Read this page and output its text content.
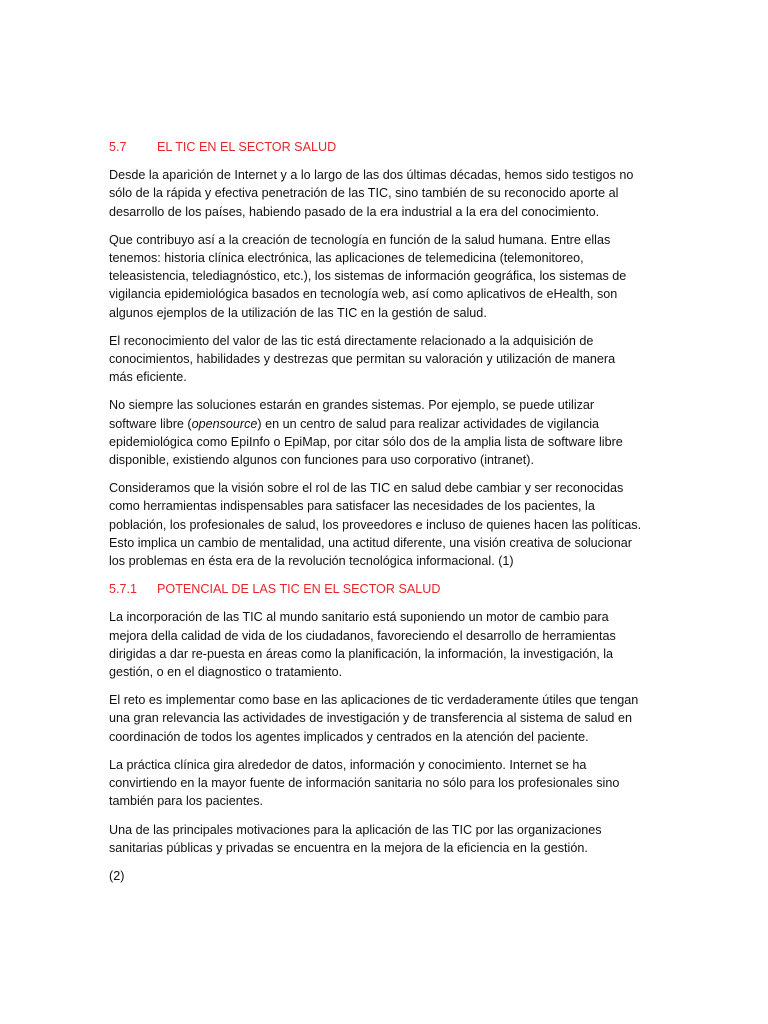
5.7 EL TIC EN EL SECTOR SALUD
Desde la aparición de Internet y a lo largo de las dos últimas décadas, hemos sido testigos no
sólo de la rápida y efectiva penetración de las TIC, sino también de su reconocido aporte al
desarrollo de los países, habiendo pasado de la era industrial a la era del conocimiento.
Que contribuyo así a la creación de tecnología en función de la salud humana. Entre ellas
tenemos: historia clínica electrónica, las aplicaciones de telemedicina (telemonitoreo,
teleasistencia, telediagnóstico, etc.), los sistemas de información geográfica, los sistemas de
vigilancia epidemiológica basados en tecnología web, así como aplicativos de eHealth, son
algunos ejemplos de la utilización de las TIC en la gestión de salud.
El reconocimiento del valor de las tic está directamente relacionado a la adquisición de
conocimientos, habilidades y destrezas que permitan su valoración y utilización de manera
más eficiente.
No siempre las soluciones estarán en grandes sistemas. Por ejemplo, se puede utilizar
software libre (opensource) en un centro de salud para realizar actividades de vigilancia
epidemiológica como EpiInfo o EpiMap, por citar sólo dos de la amplia lista de software libre
disponible, existiendo algunos con funciones para uso corporativo (intranet).
Consideramos que la visión sobre el rol de las TIC en salud debe cambiar y ser reconocidas
como herramientas indispensables para satisfacer las necesidades de los pacientes, la
población, los profesionales de salud, los proveedores e incluso de quienes hacen las políticas.
Esto implica un cambio de mentalidad, una actitud diferente, una visión creativa de solucionar
los problemas en ésta era de la revolución tecnológica informacional. (1)
5.7.1 POTENCIAL DE LAS TIC EN EL SECTOR SALUD
La incorporación de las TIC al mundo sanitario está suponiendo un motor de cambio para
mejora della calidad de vida de los ciudadanos, favoreciendo el desarrollo de herramientas
dirigidas a dar re-puesta en áreas como la planificación, la información, la investigación, la
gestión, o en el diagnostico o tratamiento.
El reto es implementar como base en las aplicaciones de tic verdaderamente útiles que tengan
una gran relevancia las actividades de investigación y de transferencia al sistema de salud en
coordinación de todos los agentes implicados y centrados en la atención del paciente.
La práctica clínica gira alrededor de datos, información y conocimiento. Internet se ha
convirtiendo en la mayor fuente de información sanitaria no sólo para los profesionales sino
también para los pacientes.
Una de las principales motivaciones para la aplicación de las TIC por las organizaciones
sanitarias públicas y privadas se encuentra en la mejora de la eficiencia en la gestión.
(2)
